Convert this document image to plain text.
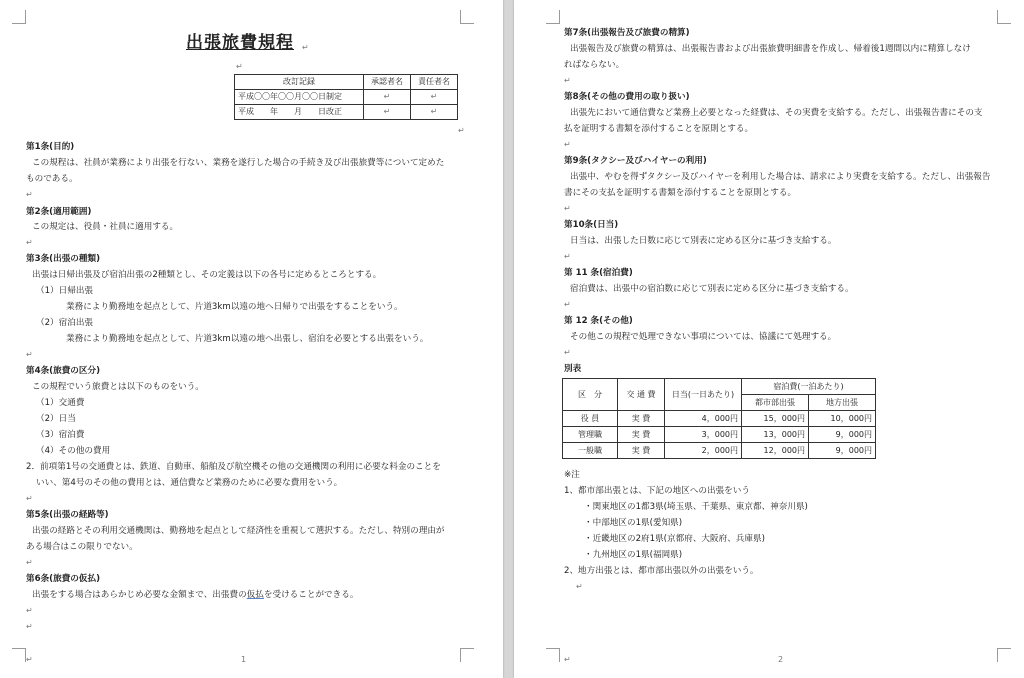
出張旅費規程 ↵
↵
改訂記録	承認者名	責任者名
平成〇〇年〇〇月〇〇日制定	↵	↵
平成　　年　　月　　日改正	↵	↵
↵
第1条(目的)
この規程は、社員が業務により出張を行ない、業務を遂行した場合の手続き及び出張旅費等について定めた
ものである。
↵
第2条(適用範囲)
この規定は、役員・社員に適用する。
↵
第3条(出張の種類)
出張は日帰出張及び宿泊出張の2種類とし、その定義は以下の各号に定めるところとする。
（1）日帰出張
業務により勤務地を起点として、片道3km以遠の地へ日帰りで出張をすることをいう。
（2）宿泊出張
業務により勤務地を起点として、片道3km以遠の地へ出張し、宿泊を必要とする出張をいう。
↵
第4条(旅費の区分)
この規程でいう旅費とは以下のものをいう。
（1）交通費
（2）日当
（3）宿泊費
（4）その他の費用
2．前項第1号の交通費とは、鉄道、自動車、船舶及び航空機その他の交通機関の利用に必要な料金のことを
いい、第4号のその他の費用とは、通信費など業務のために必要な費用をいう。
↵
第5条(出張の経路等)
出張の経路とその利用交通機関は、勤務地を起点として経済性を重視して選択する。ただし、特別の理由が
ある場合はこの限りでない。
↵
第6条(旅費の仮払)
出張をする場合はあらかじめ必要な金額まで、出張費の仮払を受けることができる。
↵
↵
↵	1
第7条(出張報告及び旅費の精算)
出張報告及び旅費の精算は、出張報告書および出張旅費明細書を作成し、帰着後1週間以内に精算しなけ
ればならない。
↵
第8条(その他の費用の取り扱い)
出張先において通信費など業務上必要となった経費は、その実費を支給する。ただし、出張報告書にその支
払を証明する書類を添付することを原則とする。
↵
第9条(タクシー及びハイヤーの利用)
出張中、やむを得ずタクシー及びハイヤーを利用した場合は、請求により実費を支給する。ただし、出張報告
書にその支払を証明する書類を添付することを原則とする。
↵
第10条(日当)
日当は、出張した日数に応じて別表に定める区分に基づき支給する。
↵
第 11 条(宿泊費)
宿泊費は、出張中の宿泊数に応じて別表に定める区分に基づき支給する。
↵
第 12 条(その他)
その他この規程で処理できない事項については、協議にて処理する。
↵
別表
区　分	交 通 費	日当(一日あたり)	宿泊費(一泊あたり)	
			都市部出張	地方出張
役 員	実 費	4，000円	15，000円	10，000円
管理職	実 費	3，000円	13，000円	9，000円
一般職	実 費	2，000円	12，000円	9，000円
※注
1、都市部出張とは、下記の地区への出張をいう
・関東地区の1都3県(埼玉県、千葉県、東京都、神奈川県)
・中部地区の1県(愛知県)
・近畿地区の2府1県(京都府、大阪府、兵庫県)
・九州地区の1県(福岡県)
2、地方出張とは、都市部出張以外の出張をいう。
↵
↵	2
